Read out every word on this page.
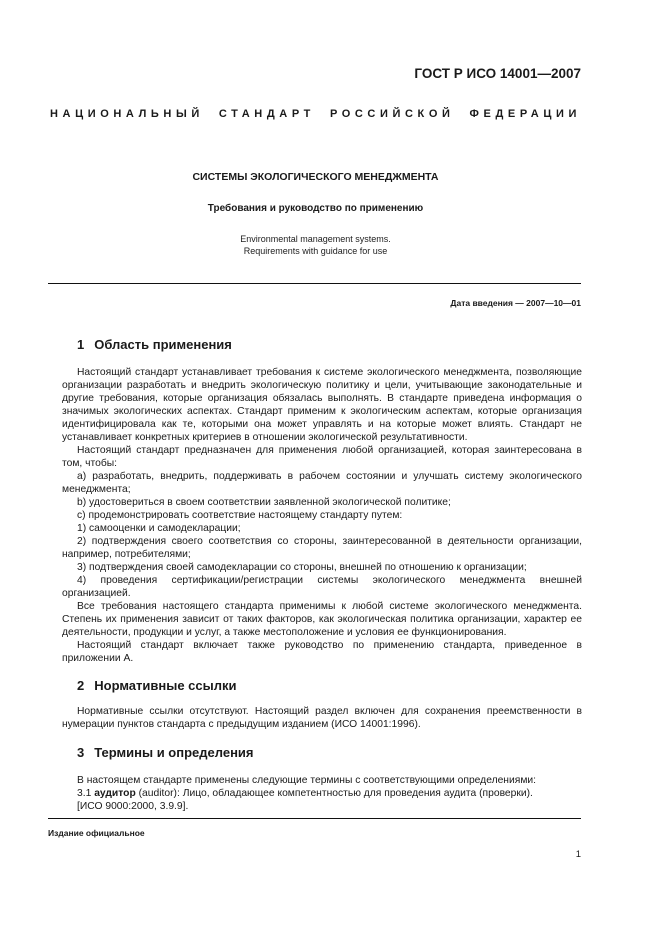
ГОСТ Р ИСО 14001—2007
НАЦИОНАЛЬНЫЙ СТАНДАРТ РОССИЙСКОЙ ФЕДЕРАЦИИ
СИСТЕМЫ ЭКОЛОГИЧЕСКОГО МЕНЕДЖМЕНТА
Требования и руководство по применению
Environmental management systems.
Requirements with guidance for use
Дата введения — 2007—10—01
1 Область применения

Настоящий стандарт устанавливает требования к системе экологического менеджмента, позволяющие организации разработать и внедрить экологическую политику и цели, учитывающие законодательные и другие требования, которые организация обязалась выполнять. В стандарте приведена информация о значимых экологических аспектах. Стандарт применим к экологическим аспектам, которые организация идентифицировала как те, которыми она может управлять и на которые может влиять. Стандарт не устанавливает конкретных критериев в отношении экологической результативности.

Настоящий стандарт предназначен для применения любой организацией, которая заинтересована в том, чтобы:

а) разработать, внедрить, поддерживать в рабочем состоянии и улучшать систему экологического менеджмента;

b) удостовериться в своем соответствии заявленной экологической политике;

с) продемонстрировать соответствие настоящему стандарту путем:

1) самооценки и самодекларации;

2) подтверждения своего соответствия со стороны, заинтересованной в деятельности организации, например, потребителями;

3) подтверждения своей самодекларации со стороны, внешней по отношению к организации;

4) проведения сертификации/регистрации системы экологического менеджмента внешней организацией.

Все требования настоящего стандарта применимы к любой системе экологического менеджмента. Степень их применения зависит от таких факторов, как экологическая политика организации, характер ее деятельности, продукции и услуг, а также местоположение и условия ее функционирования.

Настоящий стандарт включает также руководство по применению стандарта, приведенное в приложении А.

2 Нормативные ссылки

Нормативные ссылки отсутствуют. Настоящий раздел включен для сохранения преемственности в нумерации пунктов стандарта с предыдущим изданием (ИСО 14001:1996).

3 Термины и определения

В настоящем стандарте применены следующие термины с соответствующими определениями:

3.1 аудитор (auditor): Лицо, обладающее компетентностью для проведения аудита (проверки).

[ИСО 9000:2000, 3.9.9].

Издание официальное
1
